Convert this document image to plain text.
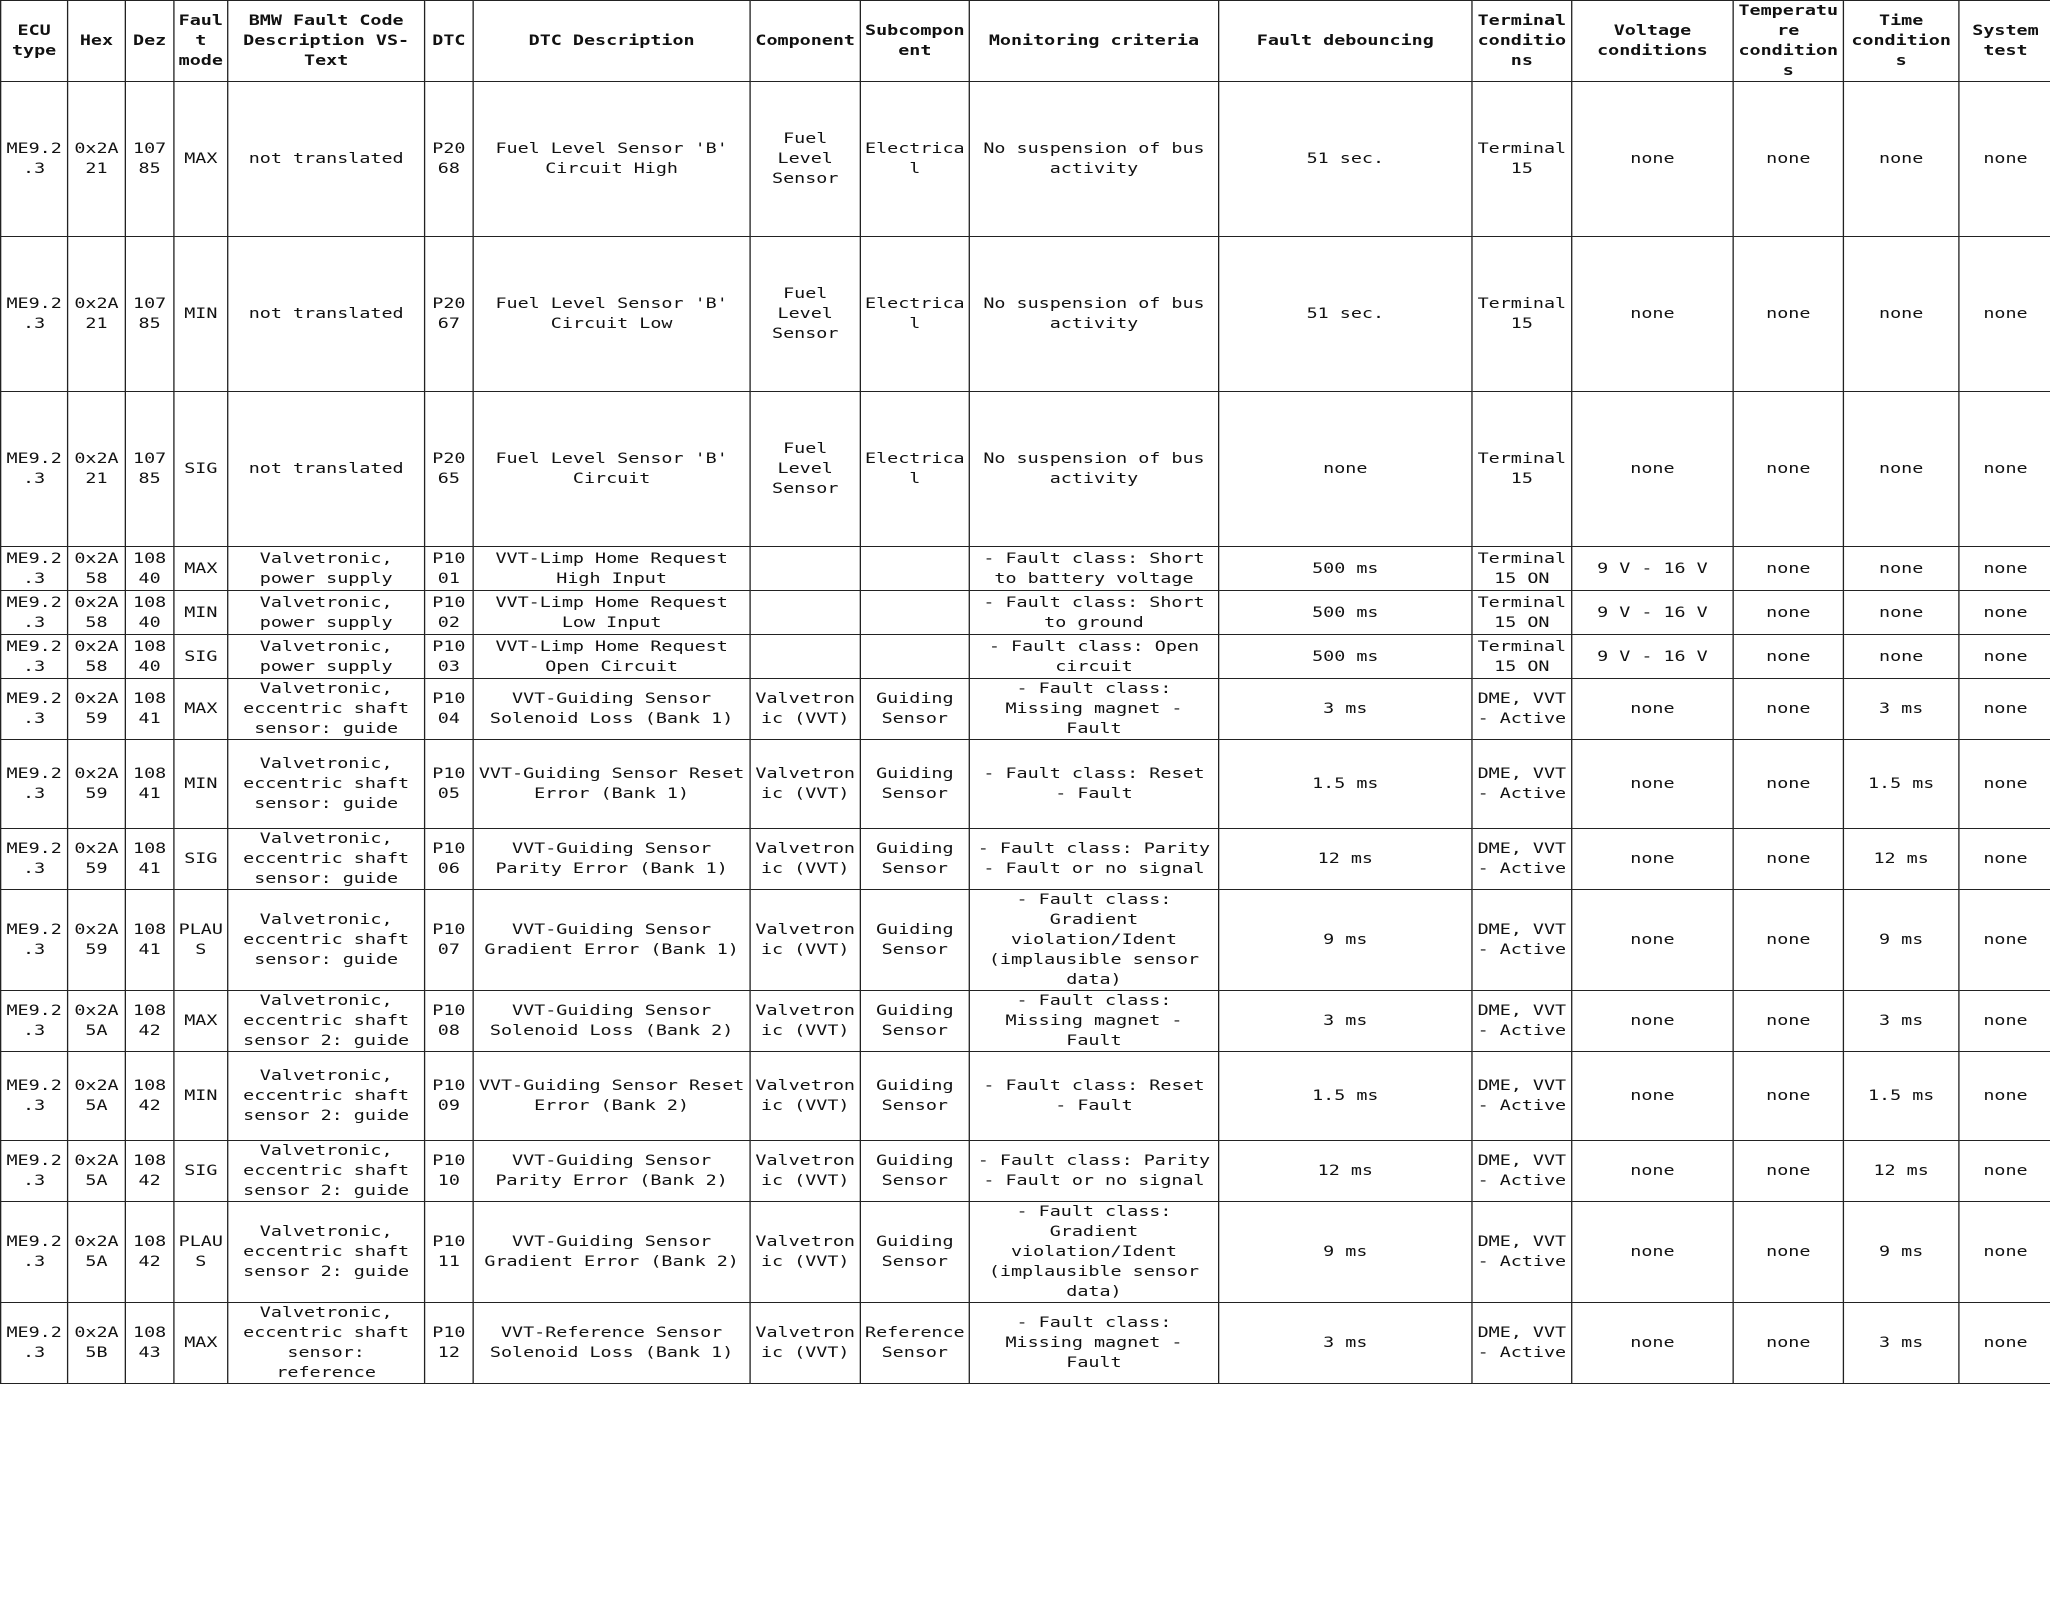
ECU type	Hex	Dez	Fault mode	BMW Fault Code Description VS-Text	DTC	DTC Description	Component	Subcomponent	Monitoring criteria	Fault debouncing	Terminal conditions	Voltage conditions	Temperature conditions	Time conditions	System test
ME9.2.3	0x2A21	10785	MAX	not translated	P2068	Fuel Level Sensor 'B' Circuit High	Fuel Level Sensor	Electrical	No suspension of bus activity	51 sec.	Terminal 15	none	none	none	none
ME9.2.3	0x2A21	10785	MIN	not translated	P2067	Fuel Level Sensor 'B' Circuit Low	Fuel Level Sensor	Electrical	No suspension of bus activity	51 sec.	Terminal 15	none	none	none	none
ME9.2.3	0x2A21	10785	SIG	not translated	P2065	Fuel Level Sensor 'B' Circuit	Fuel Level Sensor	Electrical	No suspension of bus activity	none	Terminal 15	none	none	none	none
ME9.2.3	0x2A58	10840	MAX	Valvetronic, power supply	P1001	VVT-Limp Home Request High Input			- Fault class: Short to battery voltage	500 ms	Terminal 15 ON	9 V - 16 V	none	none	none
ME9.2.3	0x2A58	10840	MIN	Valvetronic, power supply	P1002	VVT-Limp Home Request Low Input			- Fault class: Short to ground	500 ms	Terminal 15 ON	9 V - 16 V	none	none	none
ME9.2.3	0x2A58	10840	SIG	Valvetronic, power supply	P1003	VVT-Limp Home Request Open Circuit			- Fault class: Open circuit	500 ms	Terminal 15 ON	9 V - 16 V	none	none	none
ME9.2.3	0x2A59	10841	MAX	Valvetronic, eccentric shaft sensor: guide	P1004	VVT-Guiding Sensor Solenoid Loss (Bank 1)	Valvetronic (VVT)	Guiding Sensor	- Fault class: Missing magnet - Fault	3 ms	DME, VVT - Active	none	none	3 ms	none
ME9.2.3	0x2A59	10841	MIN	Valvetronic, eccentric shaft sensor: guide	P1005	VVT-Guiding Sensor Reset Error (Bank 1)	Valvetronic (VVT)	Guiding Sensor	- Fault class: Reset - Fault	1.5 ms	DME, VVT - Active	none	none	1.5 ms	none
ME9.2.3	0x2A59	10841	SIG	Valvetronic, eccentric shaft sensor: guide	P1006	VVT-Guiding Sensor Parity Error (Bank 1)	Valvetronic (VVT)	Guiding Sensor	- Fault class: Parity - Fault or no signal	12 ms	DME, VVT - Active	none	none	12 ms	none
ME9.2.3	0x2A59	10841	PLAUS	Valvetronic, eccentric shaft sensor: guide	P1007	VVT-Guiding Sensor Gradient Error (Bank 1)	Valvetronic (VVT)	Guiding Sensor	- Fault class: Gradient violation/Ident (implausible sensor data)	9 ms	DME, VVT - Active	none	none	9 ms	none
ME9.2.3	0x2A5A	10842	MAX	Valvetronic, eccentric shaft sensor 2: guide	P1008	VVT-Guiding Sensor Solenoid Loss (Bank 2)	Valvetronic (VVT)	Guiding Sensor	- Fault class: Missing magnet - Fault	3 ms	DME, VVT - Active	none	none	3 ms	none
ME9.2.3	0x2A5A	10842	MIN	Valvetronic, eccentric shaft sensor 2: guide	P1009	VVT-Guiding Sensor Reset Error (Bank 2)	Valvetronic (VVT)	Guiding Sensor	- Fault class: Reset - Fault	1.5 ms	DME, VVT - Active	none	none	1.5 ms	none
ME9.2.3	0x2A5A	10842	SIG	Valvetronic, eccentric shaft sensor 2: guide	P1010	VVT-Guiding Sensor Parity Error (Bank 2)	Valvetronic (VVT)	Guiding Sensor	- Fault class: Parity - Fault or no signal	12 ms	DME, VVT - Active	none	none	12 ms	none
ME9.2.3	0x2A5A	10842	PLAUS	Valvetronic, eccentric shaft sensor 2: guide	P1011	VVT-Guiding Sensor Gradient Error (Bank 2)	Valvetronic (VVT)	Guiding Sensor	- Fault class: Gradient violation/Ident (implausible sensor data)	9 ms	DME, VVT - Active	none	none	9 ms	none
ME9.2.3	0x2A5B	10843	MAX	Valvetronic, eccentric shaft sensor: reference	P1012	VVT-Reference Sensor Solenoid Loss (Bank 1)	Valvetronic (VVT)	Reference Sensor	- Fault class: Missing magnet - Fault	3 ms	DME, VVT - Active	none	none	3 ms	none
